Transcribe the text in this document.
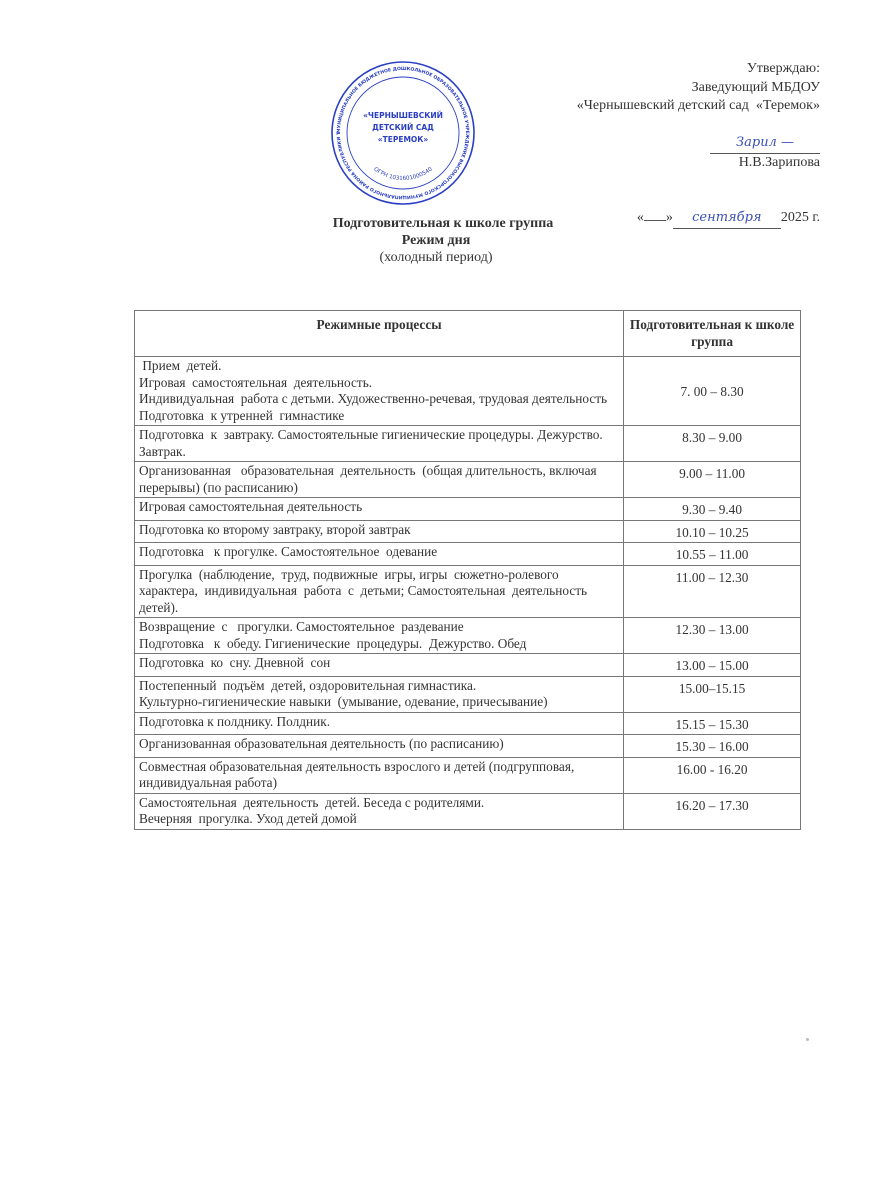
МУНИЦИПАЛЬНОЕ БЮДЖЕТНОЕ ДОШКОЛЬНОЕ ОБРАЗОВАТЕЛЬНОЕ УЧРЕЖДЕНИЕ ВЫСОКОГОРСКОГО МУНИЦИПАЛЬНОГО РАЙОНА РЕСПУБЛИКИ Т
ОГРН 1031601000540
«ЧЕРНЫШЕВСКИЙ
ДЕТСКИЙ САД
«ТЕРЕМОК»
Утверждаю:
Заведующий МБДОУ
«Чернышевский детский сад  «Теремок»

Зaрuл —
Н.В.Зарипова

« » сентября 2025 г.

Подготовительная к школе группа
Режим дня
(холодный период)
Режимные процессы	Подготовительная к школе группа

Прием  детей.
Игровая  самостоятельная  деятельность.
Индивидуальная  работа с детьми. Художественно-речевая, трудовая деятельность
Подготовка  к утренней  гимнастике	7. 00 – 8.30

Подготовка  к  завтраку. Самостоятельные гигиенические процедуры. Дежурство. Завтрак.	8.30 – 9.00

Организованная   образовательная  деятельность  (общая длительность, включая перерывы) (по расписанию)	9.00 – 11.00

Игровая самостоятельная деятельность	9.30 – 9.40

Подготовка ко второму завтраку, второй завтрак	10.10 – 10.25

Подготовка   к прогулке. Самостоятельное  одевание	10.55 – 11.00

Прогулка  (наблюдение,  труд, подвижные  игры, игры  сюжетно-ролевого  характера,  индивидуальная  работа  с  детьми; Самостоятельная  деятельность  детей).	11.00 – 12.30

Возвращение  с   прогулки. Самостоятельное  раздевание
Подготовка   к  обеду. Гигиенические  процедуры.  Дежурство. Обед	12.30 – 13.00

Подготовка  ко  сну. Дневной  сон	13.00 – 15.00

Постепенный  подъём  детей, оздоровительная гимнастика.
Культурно-гигиенические навыки  (умывание, одевание, причесывание)	15.00–15.15

Подготовка к полднику. Полдник.	15.15 – 15.30

Организованная образовательная деятельность (по расписанию)	15.30 – 16.00

Совместная образовательная деятельность взрослого и детей (подгрупповая, индивидуальная работа)	16.00 - 16.20

Самостоятельная  деятельность  детей. Беседа с родителями.
Вечерняя  прогулка. Уход детей домой	16.20 – 17.30
